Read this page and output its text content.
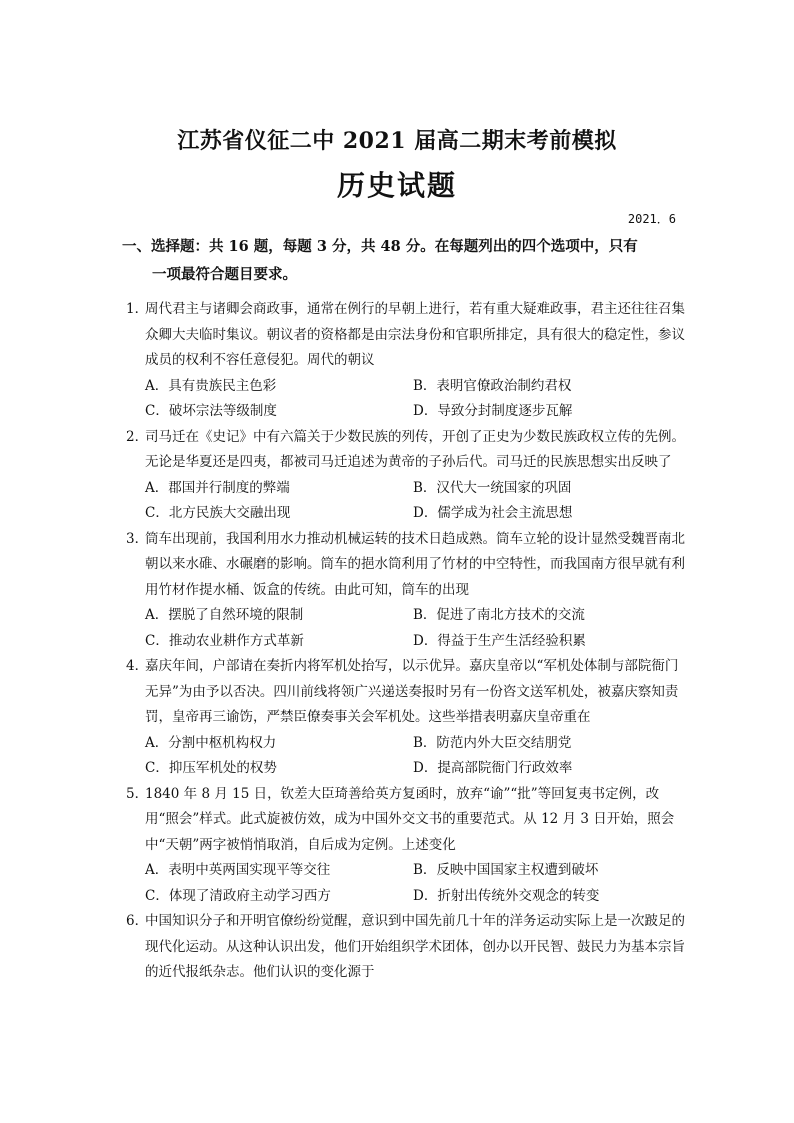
江苏省仪征二中 2021 届高二期末考前模拟
历史试题
2021．6
一、选择题：共 16 题，每题 3 分，共 48 分。在每题列出的四个选项中，只有
一项最符合题目要求。
1．
周代君主与诸卿会商政事，通常在例行的早朝上进行，若有重大疑难政事，君主还往往召集众卿大夫临时集议。朝议者的资格都是由宗法身份和官职所排定，具有很大的稳定性，参议成员的权利不容任意侵犯。周代的朝议
A．具有贵族民主色彩	B．表明官僚政治制约君权
C．破坏宗法等级制度	D．导致分封制度逐步瓦解
2．
司马迁在《史记》中有六篇关于少数民族的列传，开创了正史为少数民族政权立传的先例。无论是华夏还是四夷，都被司马迁追述为黄帝的子孙后代。司马迁的民族思想实出反映了
A．郡国并行制度的弊端	B．汉代大一统国家的巩固
C．北方民族大交融出现	D．儒学成为社会主流思想
3．
筒车出现前，我国利用水力推动机械运转的技术日趋成熟。筒车立轮的设计显然受魏晋南北朝以来水碓、水碾磨的影响。筒车的挹水筒利用了竹材的中空特性，而我国南方很早就有利用竹材作提水桶、饭盒的传统。由此可知，筒车的出现
A．摆脱了自然环境的限制	B．促进了南北方技术的交流
C．推动农业耕作方式革新	D．得益于生产生活经验积累
4．
嘉庆年间，户部请在奏折内将军机处抬写，以示优异。嘉庆皇帝以“军机处体制与部院衙门无异”为由予以否决。四川前线将领广兴递送奏报时另有一份咨文送军机处，被嘉庆察知责罚，皇帝再三谕饬，严禁臣僚奏事关会军机处。这些举措表明嘉庆皇帝重在
A．分割中枢机构权力	B．防范内外大臣交结朋党
C．抑压军机处的权势	D．提高部院衙门行政效率
5．
1840 年 8 月 15 日，钦差大臣琦善给英方复函时，放弃“谕”“批”等回复夷书定例，改用“照会”样式。此式旋被仿效，成为中国外交文书的重要范式。从 12 月 3 日开始，照会中“天朝”两字被悄悄取消，自后成为定例。上述变化
A．表明中英两国实现平等交往	B．反映中国国家主权遭到破坏
C．体现了清政府主动学习西方	D．折射出传统外交观念的转变
6．
中国知识分子和开明官僚纷纷觉醒，意识到中国先前几十年的洋务运动实际上是一次跛足的现代化运动。从这种认识出发，他们开始组织学术团体，创办以开民智、鼓民力为基本宗旨的近代报纸杂志。他们认识的变化源于
